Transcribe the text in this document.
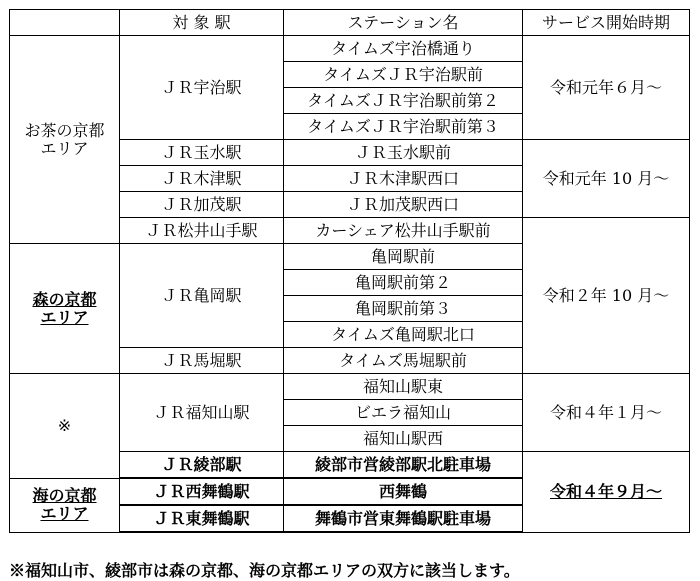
	対 象 駅	ステーション名	サービス開始時期
お茶の京都
エリア	ＪＲ宇治駅	タイムズ宇治橋通り	令和元年６月～
		タイムズＪＲ宇治駅前	
		タイムズＪＲ宇治駅前第２	
		タイムズＪＲ宇治駅前第３	
	ＪＲ玉水駅	ＪＲ玉水駅前	令和元年 10 月～
	ＪＲ木津駅	ＪＲ木津駅西口	
	ＪＲ加茂駅	ＪＲ加茂駅西口	
	ＪＲ松井山手駅	カーシェア松井山手駅前	令和２年 10 月～
森の京都
エリア	ＪＲ亀岡駅	亀岡駅前	
		亀岡駅前第２	
		亀岡駅前第３	
		タイムズ亀岡駅北口	
	ＪＲ馬堀駅	タイムズ馬堀駅前	
※	ＪＲ福知山駅	福知山駅東	令和４年１月～
		ビエラ福知山	
		福知山駅西	
	ＪＲ綾部駅	綾部市営綾部駅北駐車場	令和４年９月～
海の京都
エリア	ＪＲ西舞鶴駅	西舞鶴	
	ＪＲ東舞鶴駅	舞鶴市営東舞鶴駅駐車場	
※福知山市、綾部市は森の京都、海の京都エリアの双方に該当します。
